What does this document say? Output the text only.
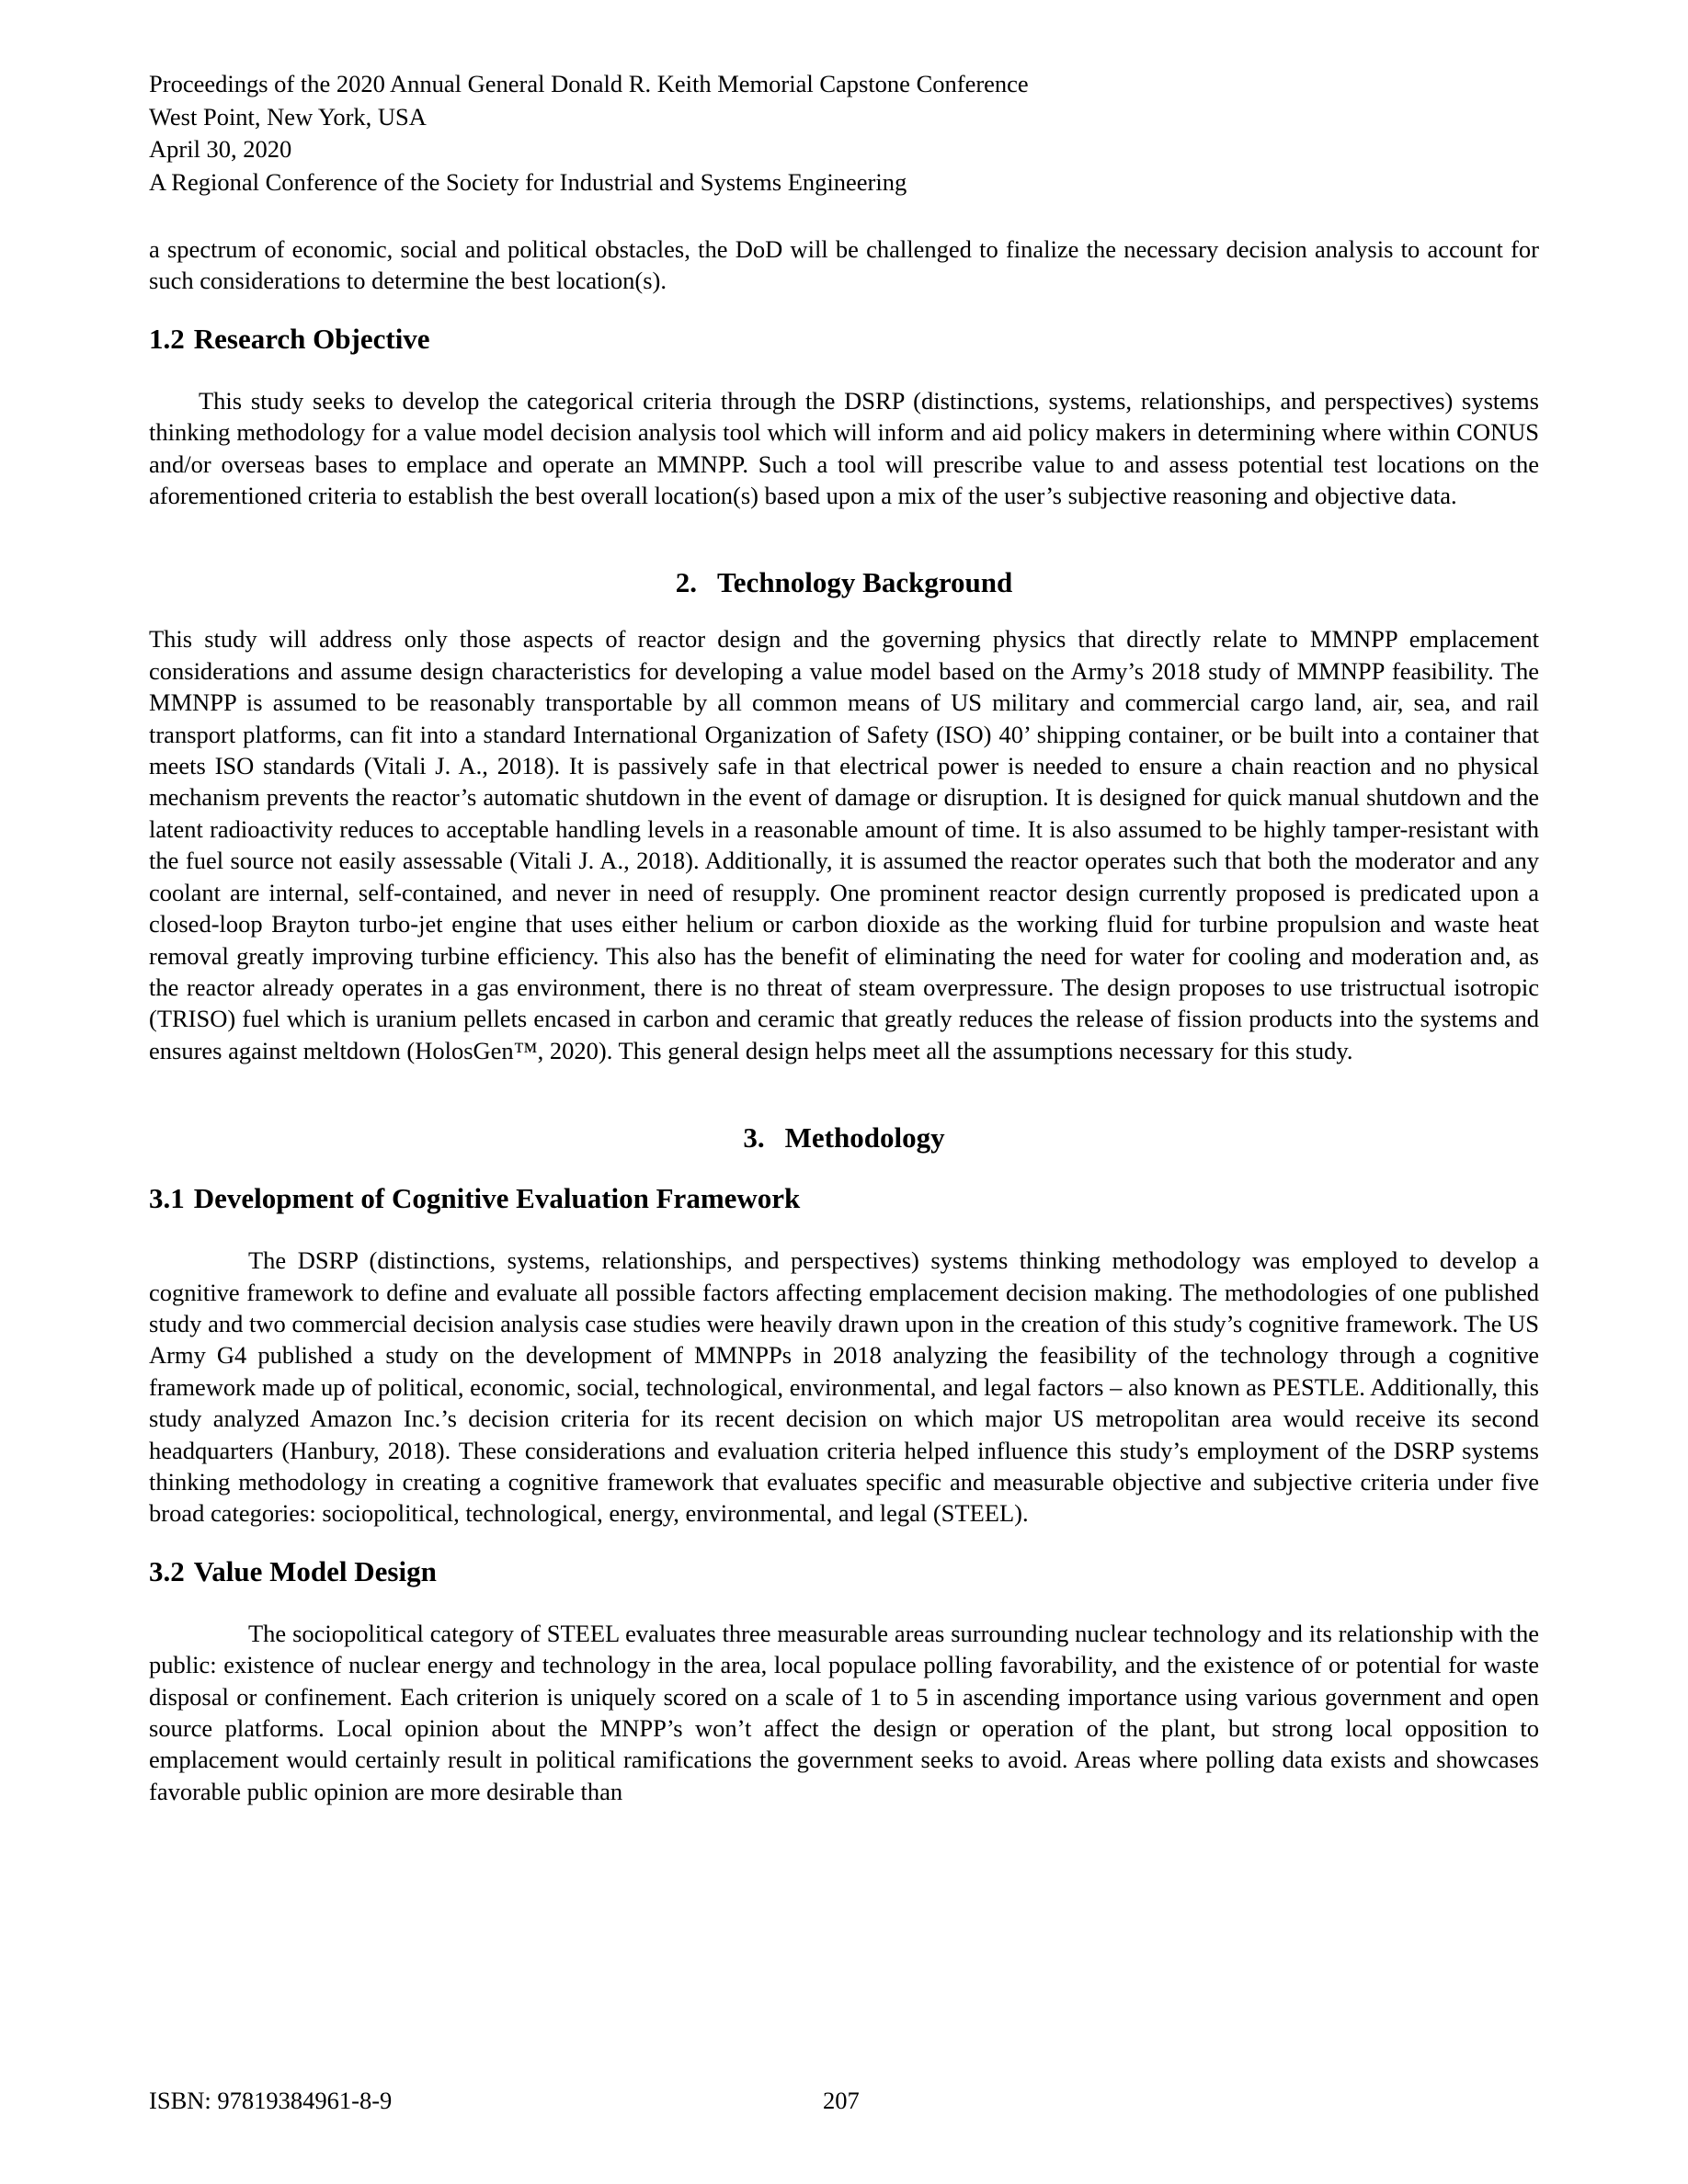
Proceedings of the 2020 Annual General Donald R. Keith Memorial Capstone Conference

West Point, New York, USA

April 30, 2020

A Regional Conference of the Society for Industrial and Systems Engineering

a spectrum of economic, social and political obstacles, the DoD will be challenged to finalize the necessary decision analysis to account for such considerations to determine the best location(s).

1.2 Research Objective

This study seeks to develop the categorical criteria through the DSRP (distinctions, systems, relationships, and perspectives) systems thinking methodology for a value model decision analysis tool which will inform and aid policy makers in determining where within CONUS and/or overseas bases to emplace and operate an MMNPP. Such a tool will prescribe value to and assess potential test locations on the aforementioned criteria to establish the best overall location(s) based upon a mix of the user’s subjective reasoning and objective data.

2. Technology Background

This study will address only those aspects of reactor design and the governing physics that directly relate to MMNPP emplacement considerations and assume design characteristics for developing a value model based on the Army’s 2018 study of MMNPP feasibility. The MMNPP is assumed to be reasonably transportable by all common means of US military and commercial cargo land, air, sea, and rail transport platforms, can fit into a standard International Organization of Safety (ISO) 40’ shipping container, or be built into a container that meets ISO standards (Vitali J. A., 2018). It is passively safe in that electrical power is needed to ensure a chain reaction and no physical mechanism prevents the reactor’s automatic shutdown in the event of damage or disruption. It is designed for quick manual shutdown and the latent radioactivity reduces to acceptable handling levels in a reasonable amount of time. It is also assumed to be highly tamper-resistant with the fuel source not easily assessable (Vitali J. A., 2018). Additionally, it is assumed the reactor operates such that both the moderator and any coolant are internal, self-contained, and never in need of resupply. One prominent reactor design currently proposed is predicated upon a closed-loop Brayton turbo-jet engine that uses either helium or carbon dioxide as the working fluid for turbine propulsion and waste heat removal greatly improving turbine efficiency. This also has the benefit of eliminating the need for water for cooling and moderation and, as the reactor already operates in a gas environment, there is no threat of steam overpressure. The design proposes to use tristructual isotropic (TRISO) fuel which is uranium pellets encased in carbon and ceramic that greatly reduces the release of fission products into the systems and ensures against meltdown (HolosGen™, 2020). This general design helps meet all the assumptions necessary for this study.

3. Methodology
3.1 Development of Cognitive Evaluation Framework

The DSRP (distinctions, systems, relationships, and perspectives) systems thinking methodology was employed to develop a cognitive framework to define and evaluate all possible factors affecting emplacement decision making. The methodologies of one published study and two commercial decision analysis case studies were heavily drawn upon in the creation of this study’s cognitive framework. The US Army G4 published a study on the development of MMNPPs in 2018 analyzing the feasibility of the technology through a cognitive framework made up of political, economic, social, technological, environmental, and legal factors – also known as PESTLE. Additionally, this study analyzed Amazon Inc.’s decision criteria for its recent decision on which major US metropolitan area would receive its second headquarters (Hanbury, 2018). These considerations and evaluation criteria helped influence this study’s employment of the DSRP systems thinking methodology in creating a cognitive framework that evaluates specific and measurable objective and subjective criteria under five broad categories: sociopolitical, technological, energy, environmental, and legal (STEEL).

3.2 Value Model Design

The sociopolitical category of STEEL evaluates three measurable areas surrounding nuclear technology and its relationship with the public: existence of nuclear energy and technology in the area, local populace polling favorability, and the existence of or potential for waste disposal or confinement. Each criterion is uniquely scored on a scale of 1 to 5 in ascending importance using various government and open source platforms. Local opinion about the MNPP’s won’t affect the design or operation of the plant, but strong local opposition to emplacement would certainly result in political ramifications the government seeks to avoid. Areas where polling data exists and showcases favorable public opinion are more desirable than

ISBN: 97819384961-8-9	207
